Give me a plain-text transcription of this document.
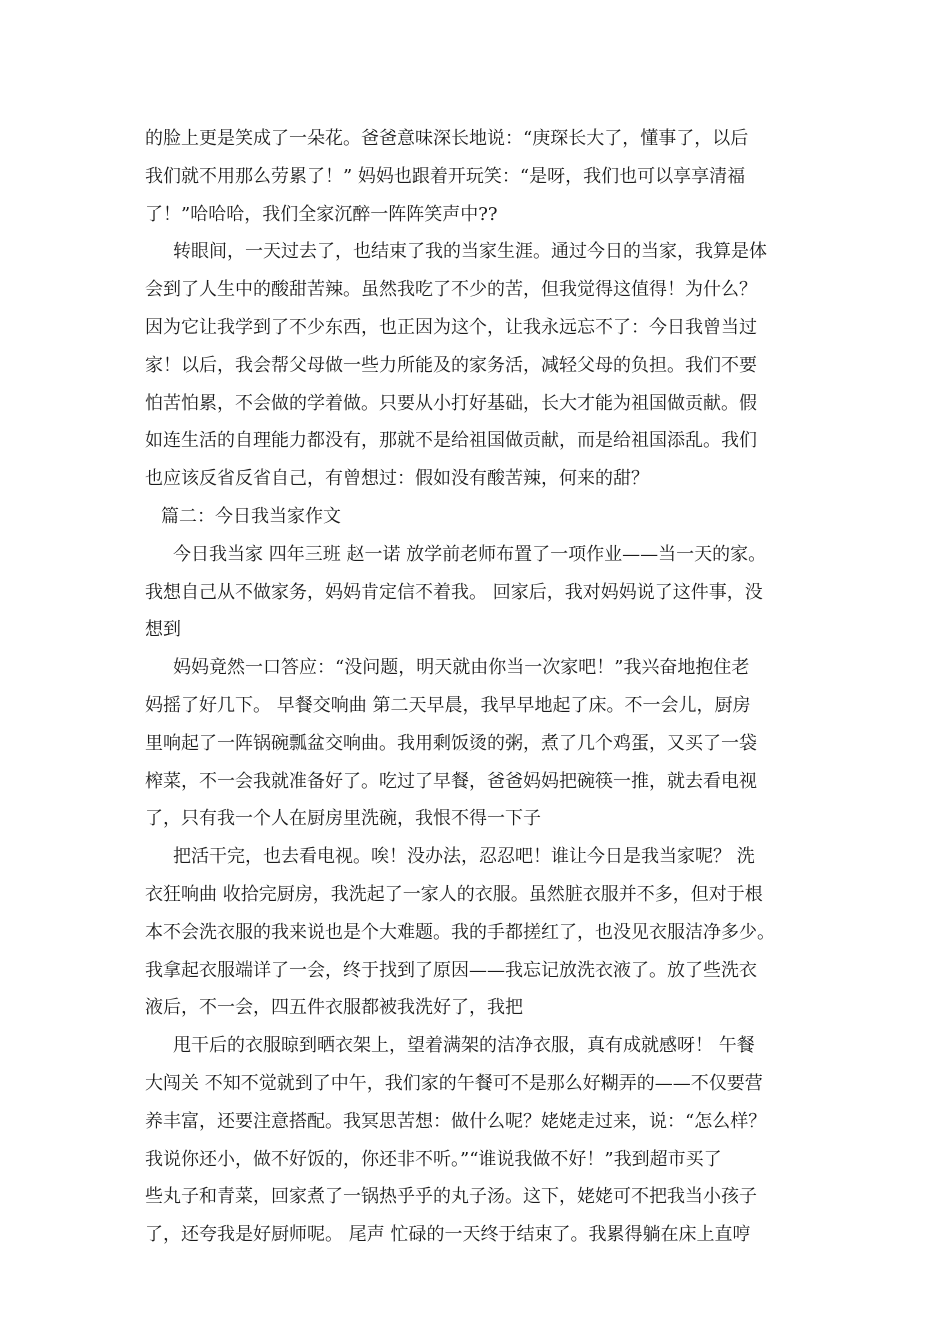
的脸上更是笑成了一朵花。爸爸意味深长地说：“庚琛长大了，懂事了，以后
我们就不用那么劳累了！” 妈妈也跟着开玩笑：“是呀，我们也可以享享清福
了！”哈哈哈，我们全家沉醉一阵阵笑声中??
转眼间，一天过去了，也结束了我的当家生涯。通过今日的当家，我算是体
会到了人生中的酸甜苦辣。虽然我吃了不少的苦，但我觉得这值得！为什么？
因为它让我学到了不少东西，也正因为这个，让我永远忘不了：今日我曾当过
家！以后，我会帮父母做一些力所能及的家务活，减轻父母的负担。我们不要
怕苦怕累，不会做的学着做。只要从小打好基础，长大才能为祖国做贡献。假
如连生活的自理能力都没有，那就不是给祖国做贡献，而是给祖国添乱。我们
也应该反省反省自己，有曾想过：假如没有酸苦辣，何来的甜？
篇二：今日我当家作文
今日我当家 四年三班 赵一诺 放学前老师布置了一项作业——当一天的家。
我想自己从不做家务，妈妈肯定信不着我。 回家后，我对妈妈说了这件事，没
想到
妈妈竟然一口答应：“没问题，明天就由你当一次家吧！”我兴奋地抱住老
妈摇了好几下。 早餐交响曲 第二天早晨，我早早地起了床。不一会儿，厨房
里响起了一阵锅碗瓢盆交响曲。我用剩饭烫的粥，煮了几个鸡蛋，又买了一袋
榨菜，不一会我就准备好了。吃过了早餐，爸爸妈妈把碗筷一推，就去看电视
了，只有我一个人在厨房里洗碗，我恨不得一下子
把活干完，也去看电视。唉！没办法，忍忍吧！谁让今日是我当家呢？ 洗
衣狂响曲 收拾完厨房，我洗起了一家人的衣服。虽然脏衣服并不多，但对于根
本不会洗衣服的我来说也是个大难题。我的手都搓红了，也没见衣服洁净多少。
我拿起衣服端详了一会，终于找到了原因——我忘记放洗衣液了。放了些洗衣
液后，不一会，四五件衣服都被我洗好了，我把
甩干后的衣服晾到晒衣架上，望着满架的洁净衣服，真有成就感呀！ 午餐
大闯关 不知不觉就到了中午，我们家的午餐可不是那么好糊弄的——不仅要营
养丰富，还要注意搭配。我冥思苦想：做什么呢？姥姥走过来，说：“怎么样？
我说你还小，做不好饭的，你还非不听。”“谁说我做不好！”我到超市买了
些丸子和青菜，回家煮了一锅热乎乎的丸子汤。这下，姥姥可不把我当小孩子
了，还夸我是好厨师呢。 尾声 忙碌的一天终于结束了。我累得躺在床上直哼
